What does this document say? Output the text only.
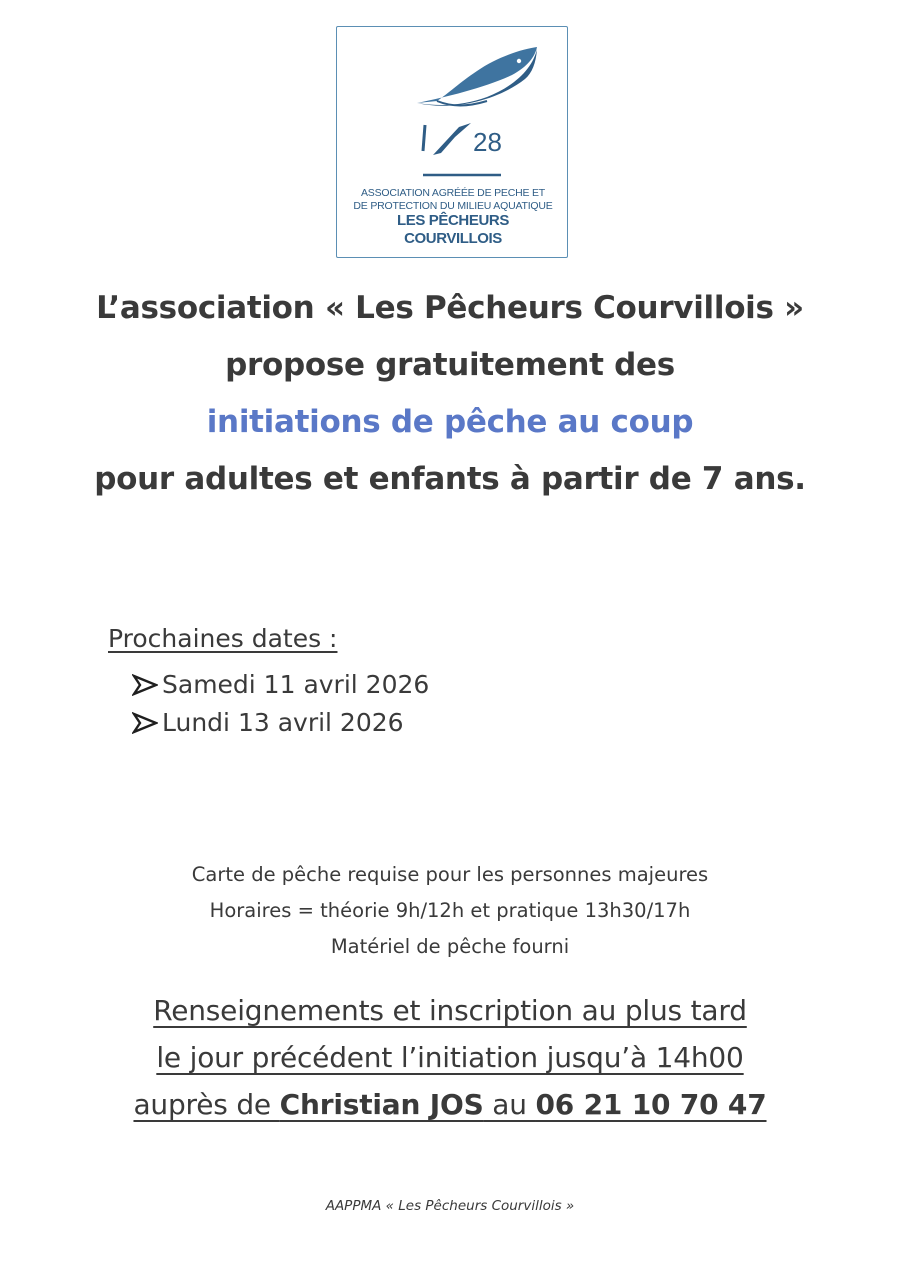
28
ASSOCIATION AGRÉÉE DE PECHE ET
DE PROTECTION DU MILIEU AQUATIQUE
LES PÊCHEURS COURVILLOIS
L’association « Les Pêcheurs Courvillois »
propose gratuitement des
initiations de pêche au coup
pour adultes et enfants à partir de 7 ans.
Prochaines dates :
Samedi 11 avril 2026
Lundi 13 avril 2026
Carte de pêche requise pour les personnes majeures
Horaires = théorie 9h/12h et pratique 13h30/17h
Matériel de pêche fourni
Renseignements et inscription au plus tard
le jour précédent l’initiation jusqu’à 14h00
auprès de Christian JOS au 06 21 10 70 47
AAPPMA « Les Pêcheurs Courvillois »
